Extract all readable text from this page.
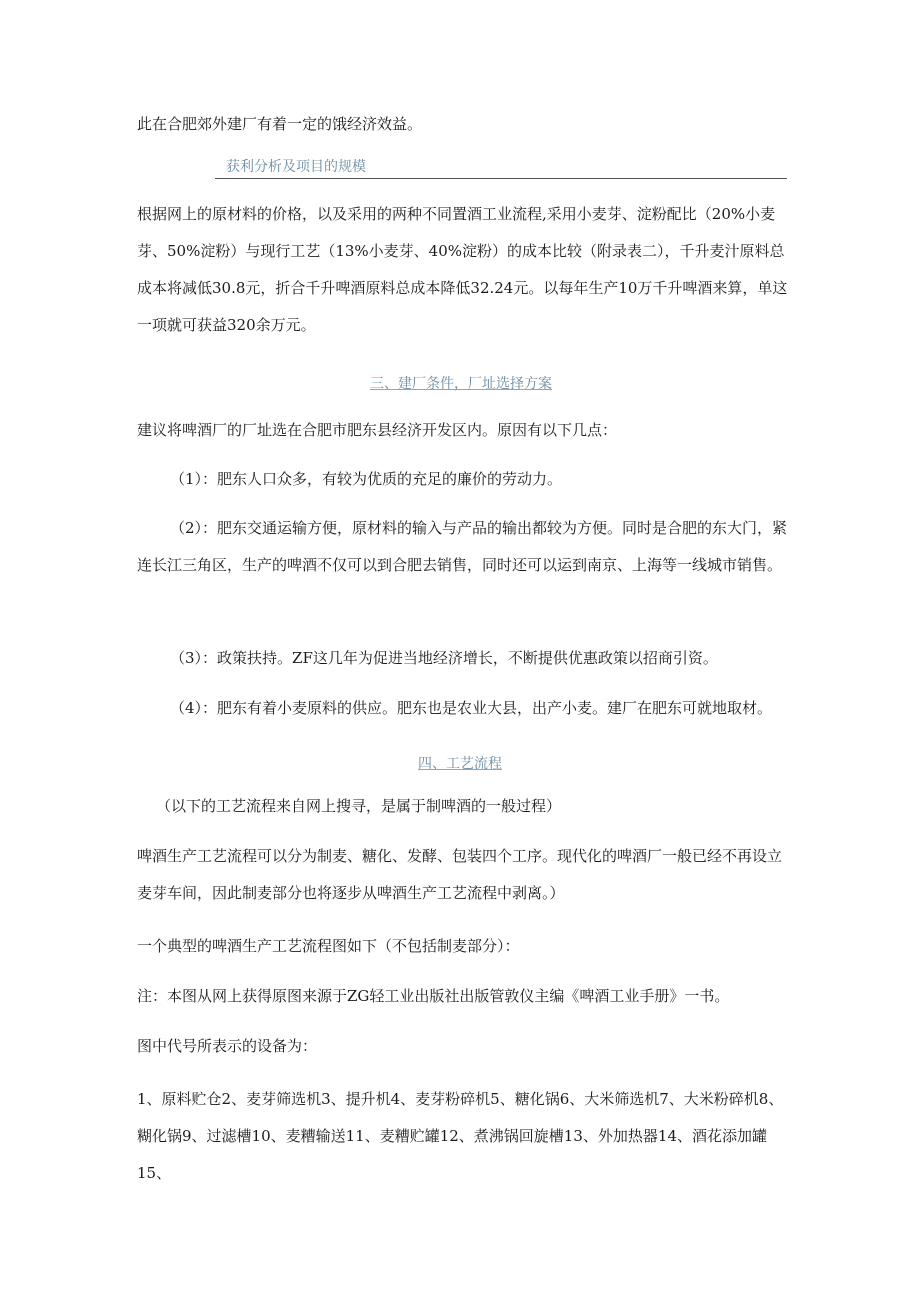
此在合肥郊外建厂有着一定的饿经济效益。

获利分析及项目的规模

根据网上的原材料的价格，以及采用的两种不同置酒工业流程,采用小麦芽、淀粉配比（20%小麦芽、50%淀粉）与现行工艺（13%小麦芽、40%淀粉）的成本比较（附录表二），千升麦汁原料总成本将减低30.8元，折合千升啤酒原料总成本降低32.24元。以每年生产10万千升啤酒来算，单这一项就可获益320余万元。

三、建厂条件，厂址选择方案

建议将啤酒厂的厂址选在合肥市肥东县经济开发区内。原因有以下几点：

（1）：肥东人口众多，有较为优质的充足的廉价的劳动力。

（2）：肥东交通运输方便，原材料的输入与产品的输出都较为方便。同时是合肥的东大门，紧连长江三角区，生产的啤酒不仅可以到合肥去销售，同时还可以运到南京、上海等一线城市销售。

（3）：政策扶持。ZF这几年为促进当地经济增长，不断提供优惠政策以招商引资。

（4）：肥东有着小麦原料的供应。肥东也是农业大县，出产小麦。建厂在肥东可就地取材。

四、工艺流程

（以下的工艺流程来自网上搜寻，是属于制啤酒的一般过程）

啤酒生产工艺流程可以分为制麦、糖化、发酵、包装四个工序。现代化的啤酒厂一般已经不再设立麦芽车间，因此制麦部分也将逐步从啤酒生产工艺流程中剥离。）

一个典型的啤酒生产工艺流程图如下（不包括制麦部分）：

注：本图从网上获得原图来源于ZG轻工业出版社出版管敦仪主编《啤酒工业手册》一书。

图中代号所表示的设备为：

1、原料贮仓2、麦芽筛选机3、提升机4、麦芽粉碎机5、糖化锅6、大米筛选机7、大米粉碎机8、糊化锅9、过滤槽10、麦糟输送11、麦糟贮罐12、煮沸锅回旋槽13、外加热器14、酒花添加罐15、
